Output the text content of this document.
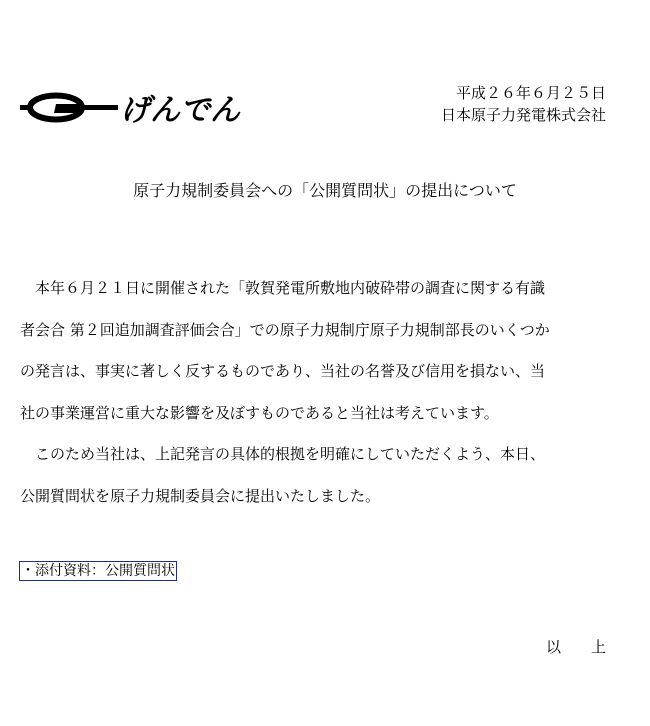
げんでん	平成２６年６月２５日
日本原子力発電株式会社
原子力規制委員会への「公開質問状」の提出について

　本年６月２１日に開催された「敦賀発電所敷地内破砕帯の調査に関する有識

者会合 第２回追加調査評価会合」での原子力規制庁原子力規制部長のいくつか

の発言は、事実に著しく反するものであり、当社の名誉及び信用を損ない、当

社の事業運営に重大な影響を及ぼすものであると当社は考えています。

　このため当社は、上記発言の具体的根拠を明確にしていただくよう、本日、

公開質問状を原子力規制委員会に提出いたしました。

・添付資料：公開質問状
以　　上
